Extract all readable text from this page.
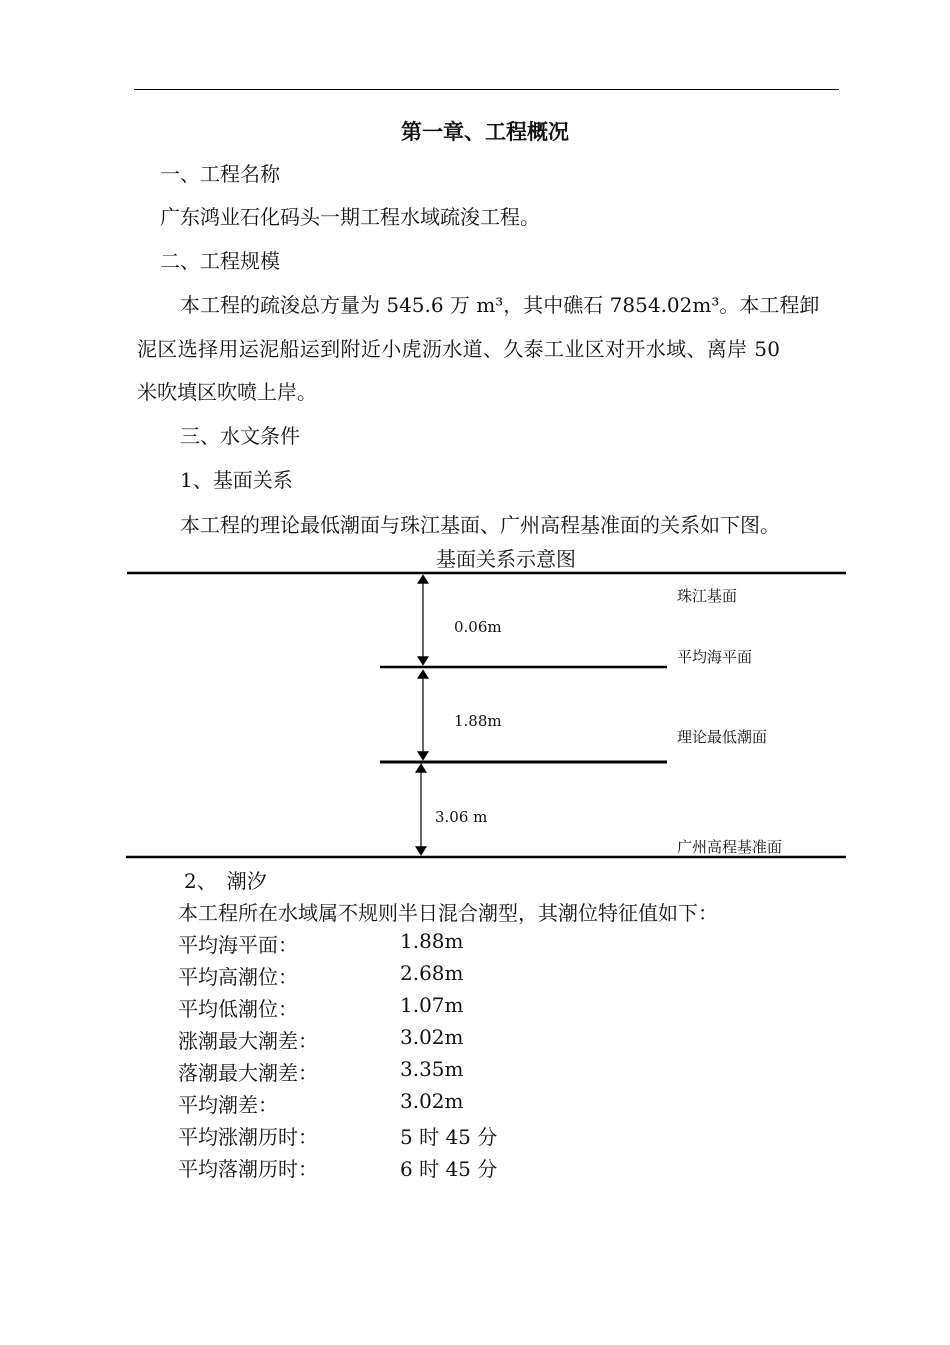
第一章、工程概况
一、工程名称
广东鸿业石化码头一期工程水域疏浚工程。
二、工程规模
本工程的疏浚总方量为 545.6 万 m³，其中礁石 7854.02m³。本工程卸
泥区选择用运泥船运到附近小虎沥水道、久泰工业区对开水域、离岸 50
米吹填区吹喷上岸。
三、水文条件
1、基面关系
本工程的理论最低潮面与珠江基面、广州高程基准面的关系如下图。
基面关系示意图
0.06m
1.88m
3.06 m
珠江基面
平均海平面
理论最低潮面
广州高程基准面
2、　潮汐
本工程所在水域属不规则半日混合潮型，其潮位特征值如下：
平均海平面：	1.88m
平均高潮位：	2.68m
平均低潮位：	1.07m
涨潮最大潮差：	3.02m
落潮最大潮差：	3.35m
平均潮差：	3.02m
平均涨潮历时：	5 时 45 分
平均落潮历时：	6 时 45 分
